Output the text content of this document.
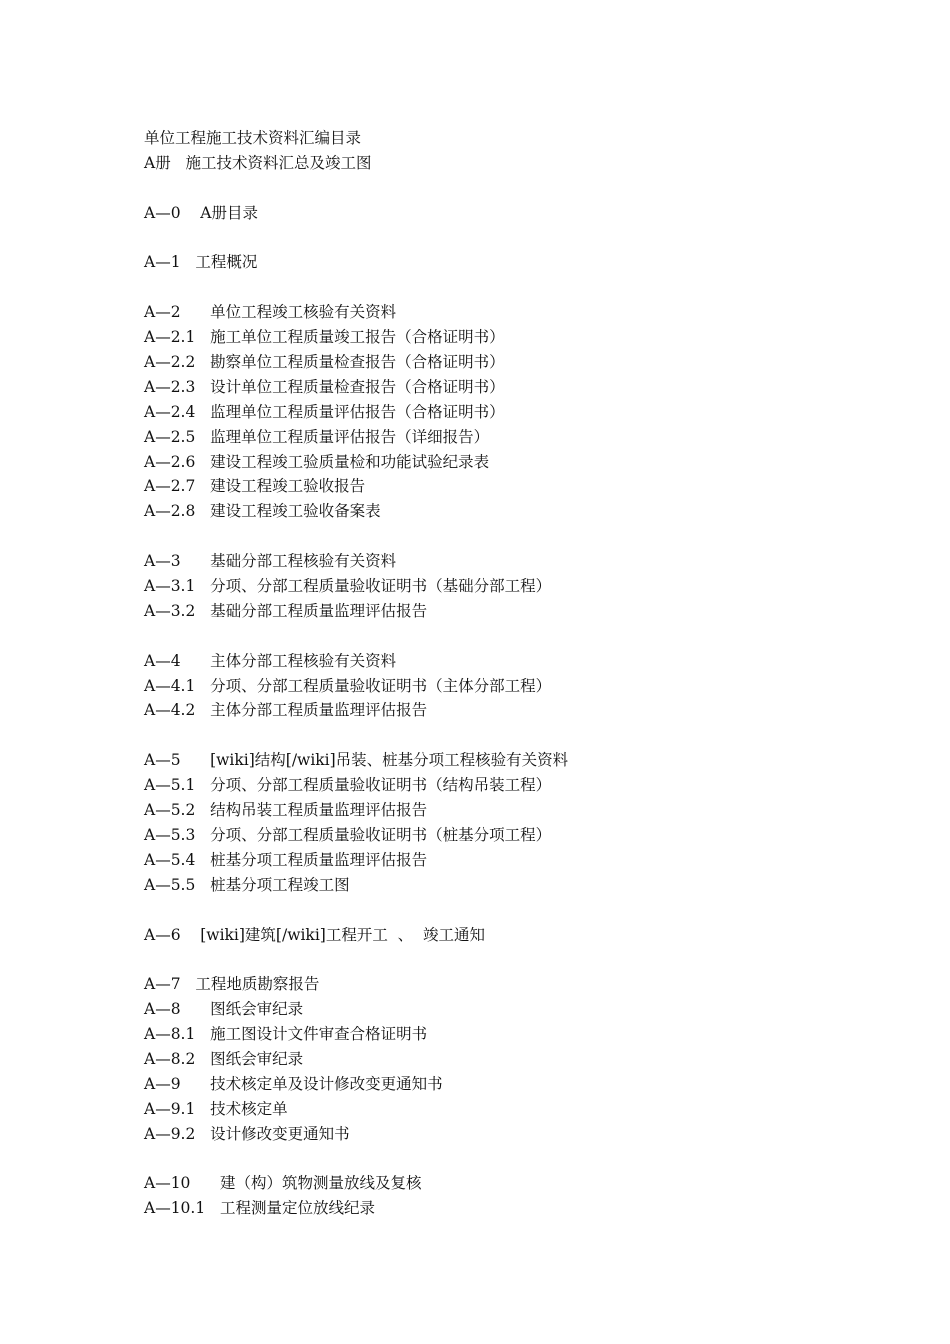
单位工程施工技术资料汇编目录
A册   施工技术资料汇总及竣工图
A—0    A册目录
A—1   工程概况
A—2      单位工程竣工核验有关资料
A—2.1   施工单位工程质量竣工报告（合格证明书）
A—2.2   勘察单位工程质量检查报告（合格证明书）
A—2.3   设计单位工程质量检查报告（合格证明书）
A—2.4   监理单位工程质量评估报告（合格证明书）
A—2.5   监理单位工程质量评估报告（详细报告）
A—2.6   建设工程竣工验质量检和功能试验纪录表
A—2.7   建设工程竣工验收报告
A—2.8   建设工程竣工验收备案表
A—3      基础分部工程核验有关资料
A—3.1   分项、分部工程质量验收证明书（基础分部工程）
A—3.2   基础分部工程质量监理评估报告
A—4      主体分部工程核验有关资料
A—4.1   分项、分部工程质量验收证明书（主体分部工程）
A—4.2   主体分部工程质量监理评估报告
A—5      [wiki]结构[/wiki]吊装、桩基分项工程核验有关资料
A—5.1   分项、分部工程质量验收证明书（结构吊装工程）
A—5.2   结构吊装工程质量监理评估报告
A—5.3   分项、分部工程质量验收证明书（桩基分项工程）
A—5.4   桩基分项工程质量监理评估报告
A—5.5   桩基分项工程竣工图
A—6    [wiki]建筑[/wiki]工程开工  、  竣工通知
A—7   工程地质勘察报告
A—8      图纸会审纪录
A—8.1   施工图设计文件审查合格证明书
A—8.2   图纸会审纪录
A—9      技术核定单及设计修改变更通知书
A—9.1   技术核定单
A—9.2   设计修改变更通知书
A—10      建（构）筑物测量放线及复核
A—10.1   工程测量定位放线纪录
